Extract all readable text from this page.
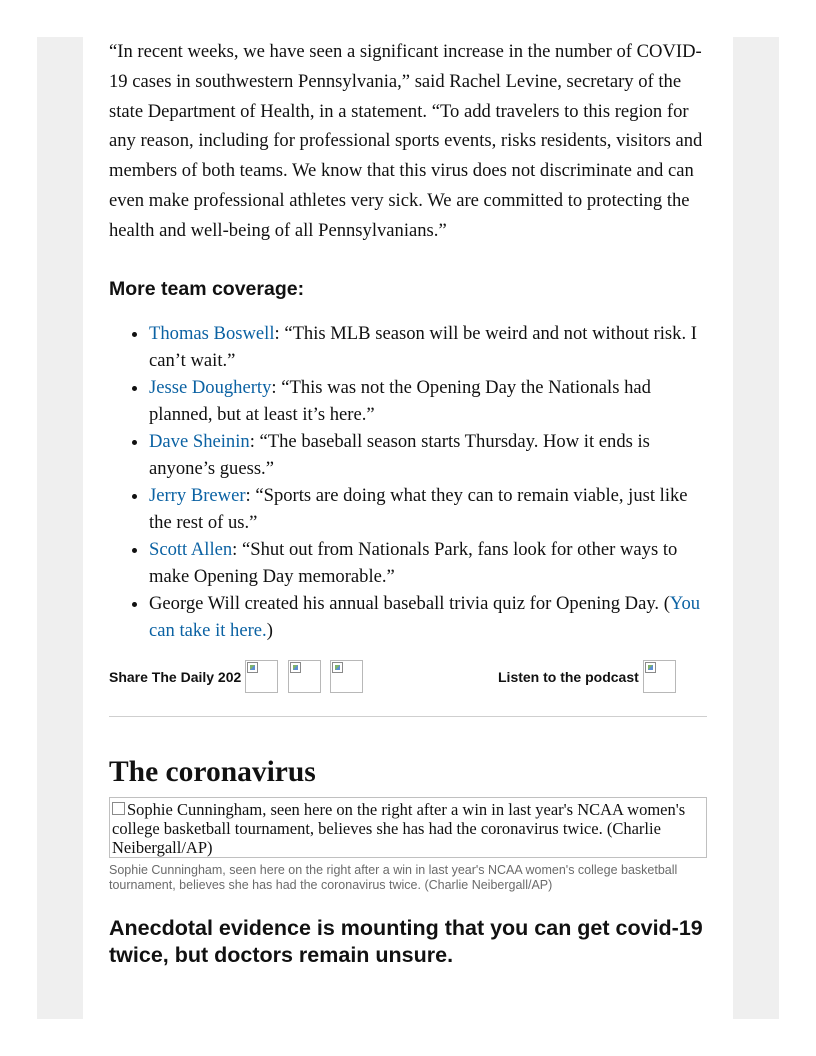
“In recent weeks, we have seen a significant increase in the number of COVID-19 cases in southwestern Pennsylvania,” said Rachel Levine, secretary of the state Department of Health, in a statement. “To add travelers to this region for any reason, including for professional sports events, risks residents, visitors and members of both teams. We know that this virus does not discriminate and can even make professional athletes very sick. We are committed to protecting the health and well-being of all Pennsylvanians.”

More team coverage:
• Thomas Boswell: “This MLB season will be weird and not without risk. I can’t wait.”
• Jesse Dougherty: “This was not the Opening Day the Nationals had planned, but at least it’s here.”
• Dave Sheinin: “The baseball season starts Thursday. How it ends is anyone’s guess.”
• Jerry Brewer: “Sports are doing what they can to remain viable, just like the rest of us.”
• Scott Allen: “Shut out from Nationals Park, fans look for other ways to make Opening Day memorable.”
• George Will created his annual baseball trivia quiz for Opening Day. (You can take it here.)
Share The Daily 202	Listen to the podcast
The coronavirus
Sophie Cunningham, seen here on the right after a win in last year's NCAA women's college basketball tournament, believes she has had the coronavirus twice. (Charlie Neibergall/AP)
Sophie Cunningham, seen here on the right after a win in last year's NCAA women's college basketball tournament, believes she has had the coronavirus twice. (Charlie Neibergall/AP)
Anecdotal evidence is mounting that you can get covid-19 twice, but doctors remain unsure.
